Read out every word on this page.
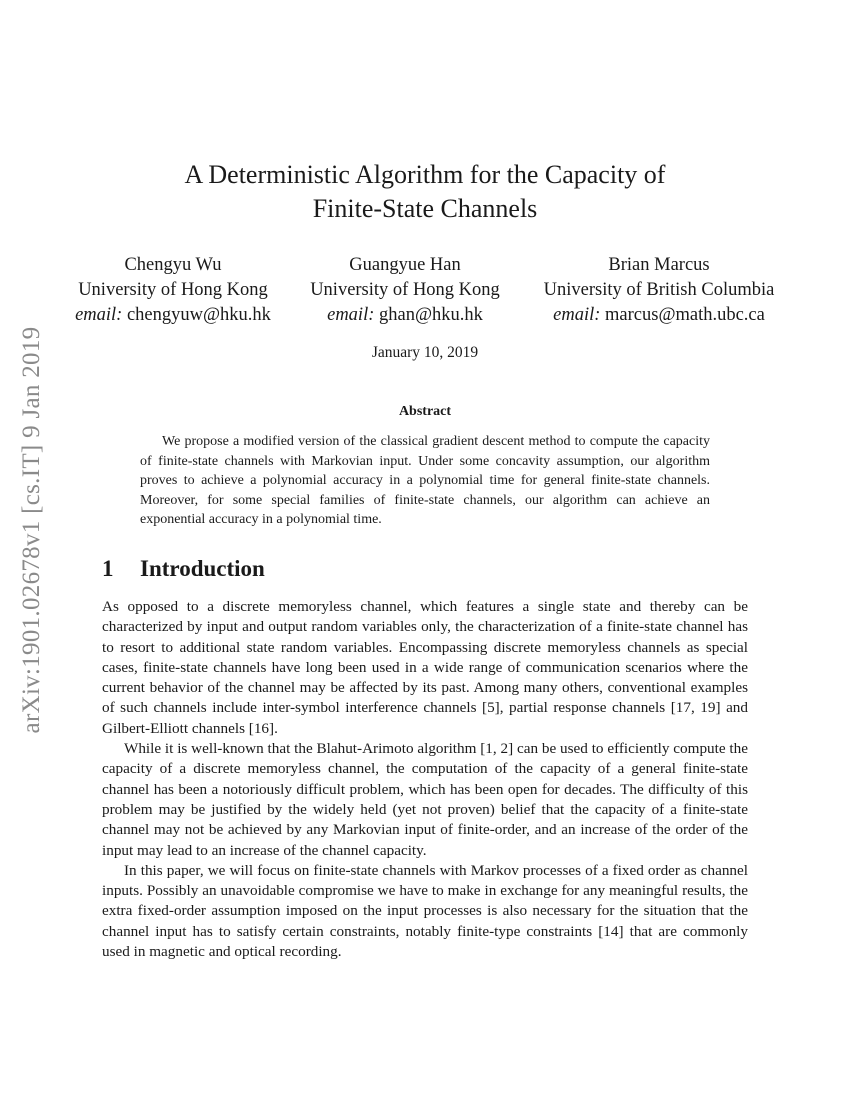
arXiv:1901.02678v1 [cs.IT] 9 Jan 2019
A Deterministic Algorithm for the Capacity of
Finite-State Channels
Chengyu Wu
University of Hong Kong
email: chengyuw@hku.hk
Guangyue Han
University of Hong Kong
email: ghan@hku.hk
Brian Marcus
University of British Columbia
email: marcus@math.ubc.ca
January 10, 2019
Abstract
We propose a modified version of the classical gradient descent method to compute the capacity of finite-state channels with Markovian input. Under some concavity assumption, our algorithm proves to achieve a polynomial accuracy in a polynomial time for general finite-state channels. Moreover, for some special families of finite-state channels, our algorithm can achieve an exponential accuracy in a polynomial time.
1 Introduction

As opposed to a discrete memoryless channel, which features a single state and thereby can be characterized by input and output random variables only, the characterization of a finite-state channel has to resort to additional state random variables. Encompassing discrete memoryless channels as special cases, finite-state channels have long been used in a wide range of communication scenarios where the current behavior of the channel may be affected by its past. Among many others, conventional examples of such channels include inter-symbol interference channels [5], partial response channels [17, 19] and Gilbert-Elliott channels [16].

While it is well-known that the Blahut-Arimoto algorithm [1, 2] can be used to efficiently compute the capacity of a discrete memoryless channel, the computation of the capacity of a general finite-state channel has been a notoriously difficult problem, which has been open for decades. The difficulty of this problem may be justified by the widely held (yet not proven) belief that the capacity of a finite-state channel may not be achieved by any Markovian input of finite-order, and an increase of the order of the input may lead to an increase of the channel capacity.

In this paper, we will focus on finite-state channels with Markov processes of a fixed order as channel inputs. Possibly an unavoidable compromise we have to make in exchange for any meaningful results, the extra fixed-order assumption imposed on the input processes is also necessary for the situation that the channel input has to satisfy certain constraints, notably finite-type constraints [14] that are commonly used in magnetic and optical recording.
